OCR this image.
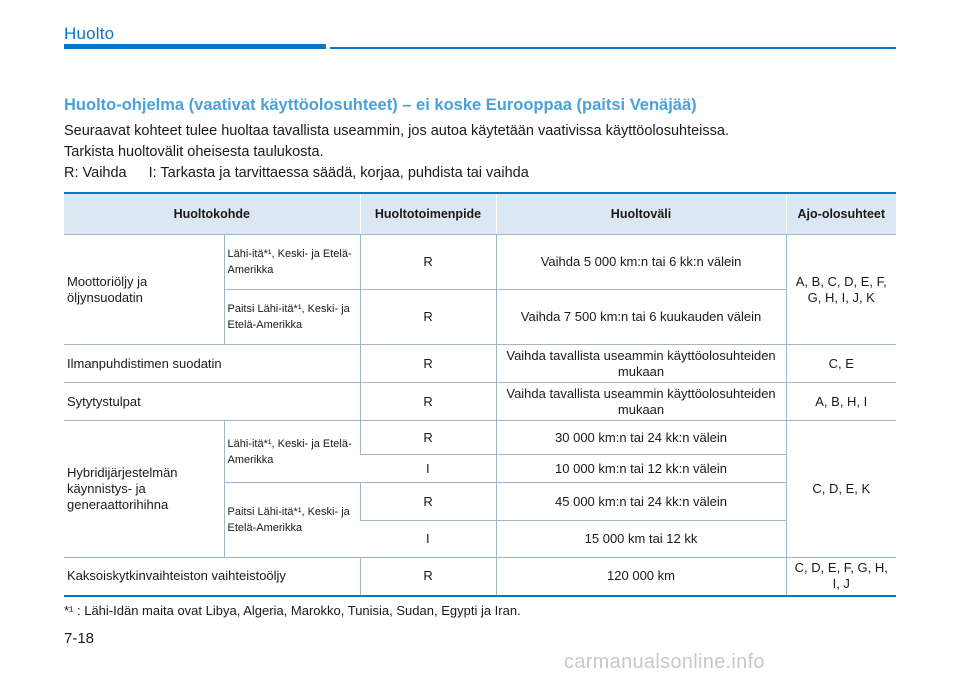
Huolto
Huolto-ohjelma (vaativat käyttöolosuhteet) – ei koske Eurooppaa (paitsi Venäjää)

Seuraavat kohteet tulee huoltaa tavallista useammin, jos autoa käytetään vaativissa käyttöolosuhteissa.

Tarkista huoltovälit oheisesta taulukosta.

R: Vaihda I: Tarkasta ja tarvittaessa säädä, korjaa, puhdista tai vaihda

Huoltokohde		Huoltotoimenpide	Huoltoväli	Ajo-olosuhteet
Moottoriöljy ja öljynsuodatin	Lähi-itä*¹, Keski- ja Etelä-Amerikka	R	Vaihda 5 000 km:n tai 6 kk:n välein	A, B, C, D, E, F, G, H, I, J, K
	Paitsi Lähi-itä*¹, Keski- ja Etelä-Amerikka	R	Vaihda 7 500 km:n tai 6 kuukauden välein	
Ilmanpuhdistimen suodatin		R	Vaihda tavallista useammin käyttöolosuhteiden mukaan	C, E
Sytytystulpat		R	Vaihda tavallista useammin käyttöolosuhteiden mukaan	A, B, H, I
Hybridijärjestelmän käynnistys- ja generaattorihihna	Lähi-itä*¹, Keski- ja Etelä-Amerikka	R	30 000 km:n tai 24 kk:n välein	C, D, E, K
		I	10 000 km:n tai 12 kk:n välein	
	Paitsi Lähi-itä*¹, Keski- ja Etelä-Amerikka	R	45 000 km:n tai 24 kk:n välein	
		I	15 000 km tai 12 kk	
Kaksoiskytkinvaihteiston vaihteistoöljy		R	120 000 km	C, D, E, F, G, H, I, J
*¹ : Lähi-Idän maita ovat Libya, Algeria, Marokko, Tunisia, Sudan, Egypti ja Iran.
7-18
carmanualsonline.info
